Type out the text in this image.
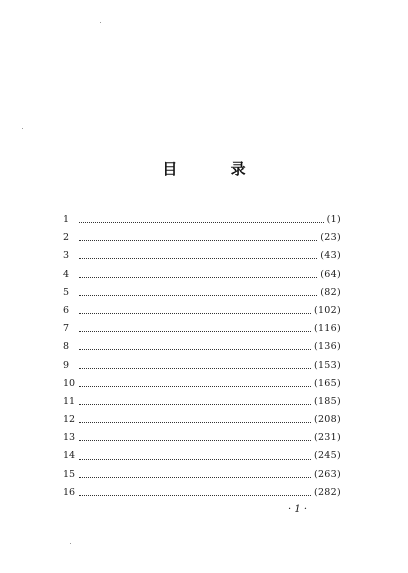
目 录
1	(1)
2	(23)
3	(43)
4	(64)
5	(82)
6	(102)
7	(116)
8	(136)
9	(153)
10	(165)
11	(185)
12	(208)
13	(231)
14	(245)
15	(263)
16	(282)
· 1 ·
